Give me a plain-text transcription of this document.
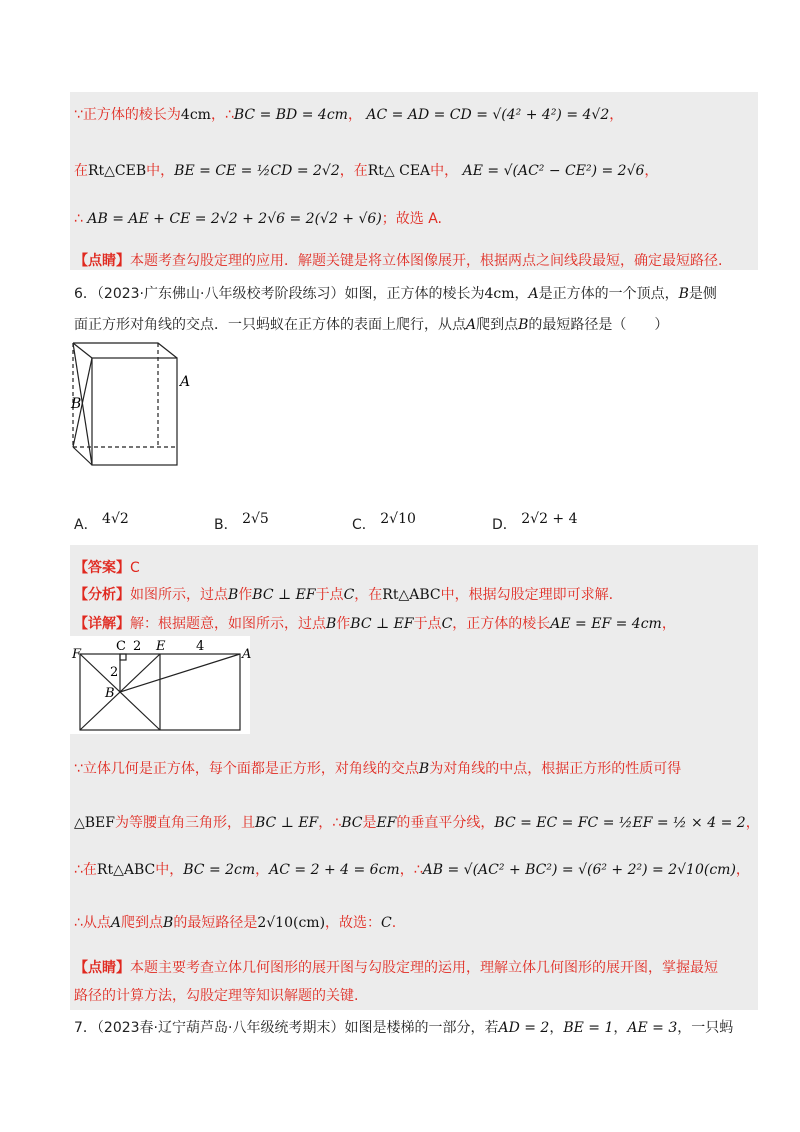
∵正方体的棱长为4cm，∴BC = BD = 4cm， AC = AD = CD = √(4² + 4²) = 4√2，
在Rt△CEB中，BE = CE = ½CD = 2√2，在Rt△ CEA中， AE = √(AC² − CE²) = 2√6，
∴ AB = AE + CE = 2√2 + 2√6 = 2(√2 + √6)；故选 A.
【点睛】本题考查勾股定理的应用．解题关键是将立体图像展开，根据两点之间线段最短，确定最短路径.
6．（2023·广东佛山·八年级校考阶段练习）如图，正方体的棱长为4cm，A是正方体的一个顶点，B是侧
面正方形对角线的交点．一只蚂蚁在正方体的表面上爬行，从点A爬到点B的最短路径是（　　）
A
B
A． 4√2	B． 2√5	C． 2√10	D． 2√2 + 4
【答案】C
【分析】如图所示，过点B作BC ⊥ EF于点C，在Rt△ABC中，根据勾股定理即可求解.
【详解】解：根据题意，如图所示，过点B作BC ⊥ EF于点C，正方体的棱长AE = EF = 4cm，
F
C 2 E 4
A
2
B
∵立体几何是正方体，每个面都是正方形，对角线的交点B为对角线的中点，根据正方形的性质可得
△BEF为等腰直角三角形，且BC ⊥ EF，∴BC是EF的垂直平分线，BC = EC = FC = ½EF = ½ × 4 = 2，
∴在Rt△ABC中，BC = 2cm，AC = 2 + 4 = 6cm，∴AB = √(AC² + BC²) = √(6² + 2²) = 2√10(cm)，
∴从点A爬到点B的最短路径是2√10(cm)，故选：C.
【点睛】本题主要考查立体几何图形的展开图与勾股定理的运用，理解立体几何图形的展开图，掌握最短
路径的计算方法，勾股定理等知识解题的关键.
7．（2023春·辽宁葫芦岛·八年级统考期末）如图是楼梯的一部分，若AD = 2，BE = 1，AE = 3，一只蚂
